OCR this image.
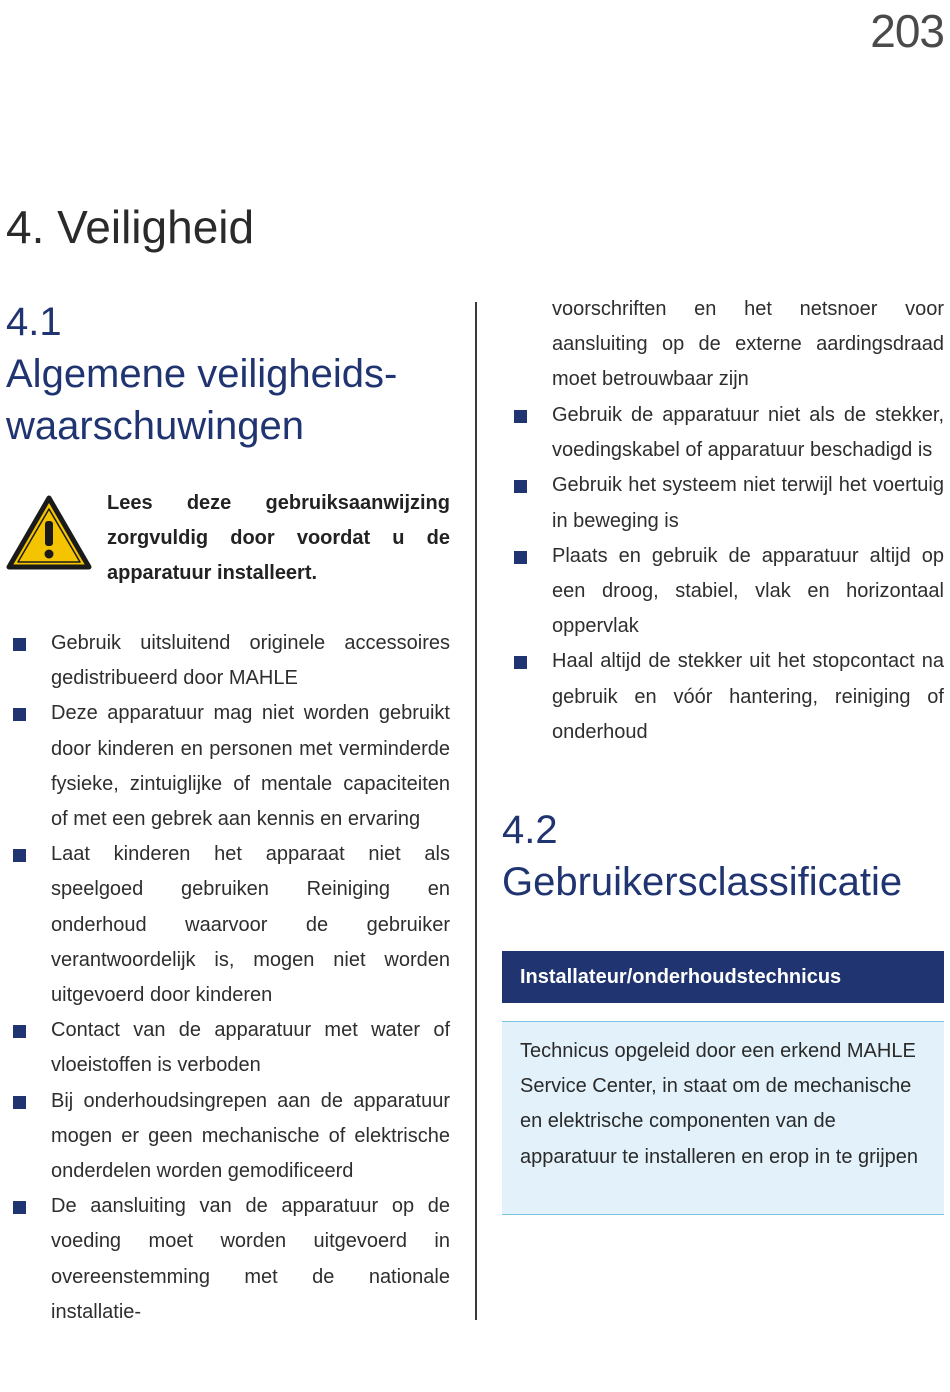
203
4. Veiligheid
4.1
Algemene veiligheids-
waarschuwingen
Lees deze gebruiksaanwijzing zorgvuldig door voordat u de apparatuur installeert.
Gebruik uitsluitend originele accessoires gedistribueerd door MAHLE
Deze apparatuur mag niet worden gebruikt door kinderen en personen met verminderde fysieke, zintuiglijke of mentale capaciteiten of met een gebrek aan kennis en ervaring
Laat kinderen het apparaat niet als speelgoed gebruiken Reiniging en onderhoud waarvoor de gebruiker verantwoordelijk is, mogen niet worden uitgevoerd door kinderen
Contact van de apparatuur met water of vloeistoffen is verboden
Bij onderhoudsingrepen aan de apparatuur mogen er geen mechanische of elektrische onderdelen worden gemodificeerd
De aansluiting van de apparatuur op de voeding moet worden uitgevoerd in overeenstemming met de nationale installatie-

voorschriften en het netsnoer voor aansluiting op de externe aardingsdraad moet betrouwbaar zijn

Gebruik de apparatuur niet als de stekker, voedingskabel of apparatuur beschadigd is
Gebruik het systeem niet terwijl het voertuig in beweging is
Plaats en gebruik de apparatuur altijd op een droog, stabiel, vlak en horizontaal oppervlak
Haal altijd de stekker uit het stopcontact na gebruik en vóór hantering, reiniging of onderhoud
4.2
Gebruikersclassificatie
Installateur/onderhoudstechnicus
Technicus opgeleid door een erkend MAHLE Service Center, in staat om de mechanische en elektrische componenten van de apparatuur te installeren en erop in te grijpen
